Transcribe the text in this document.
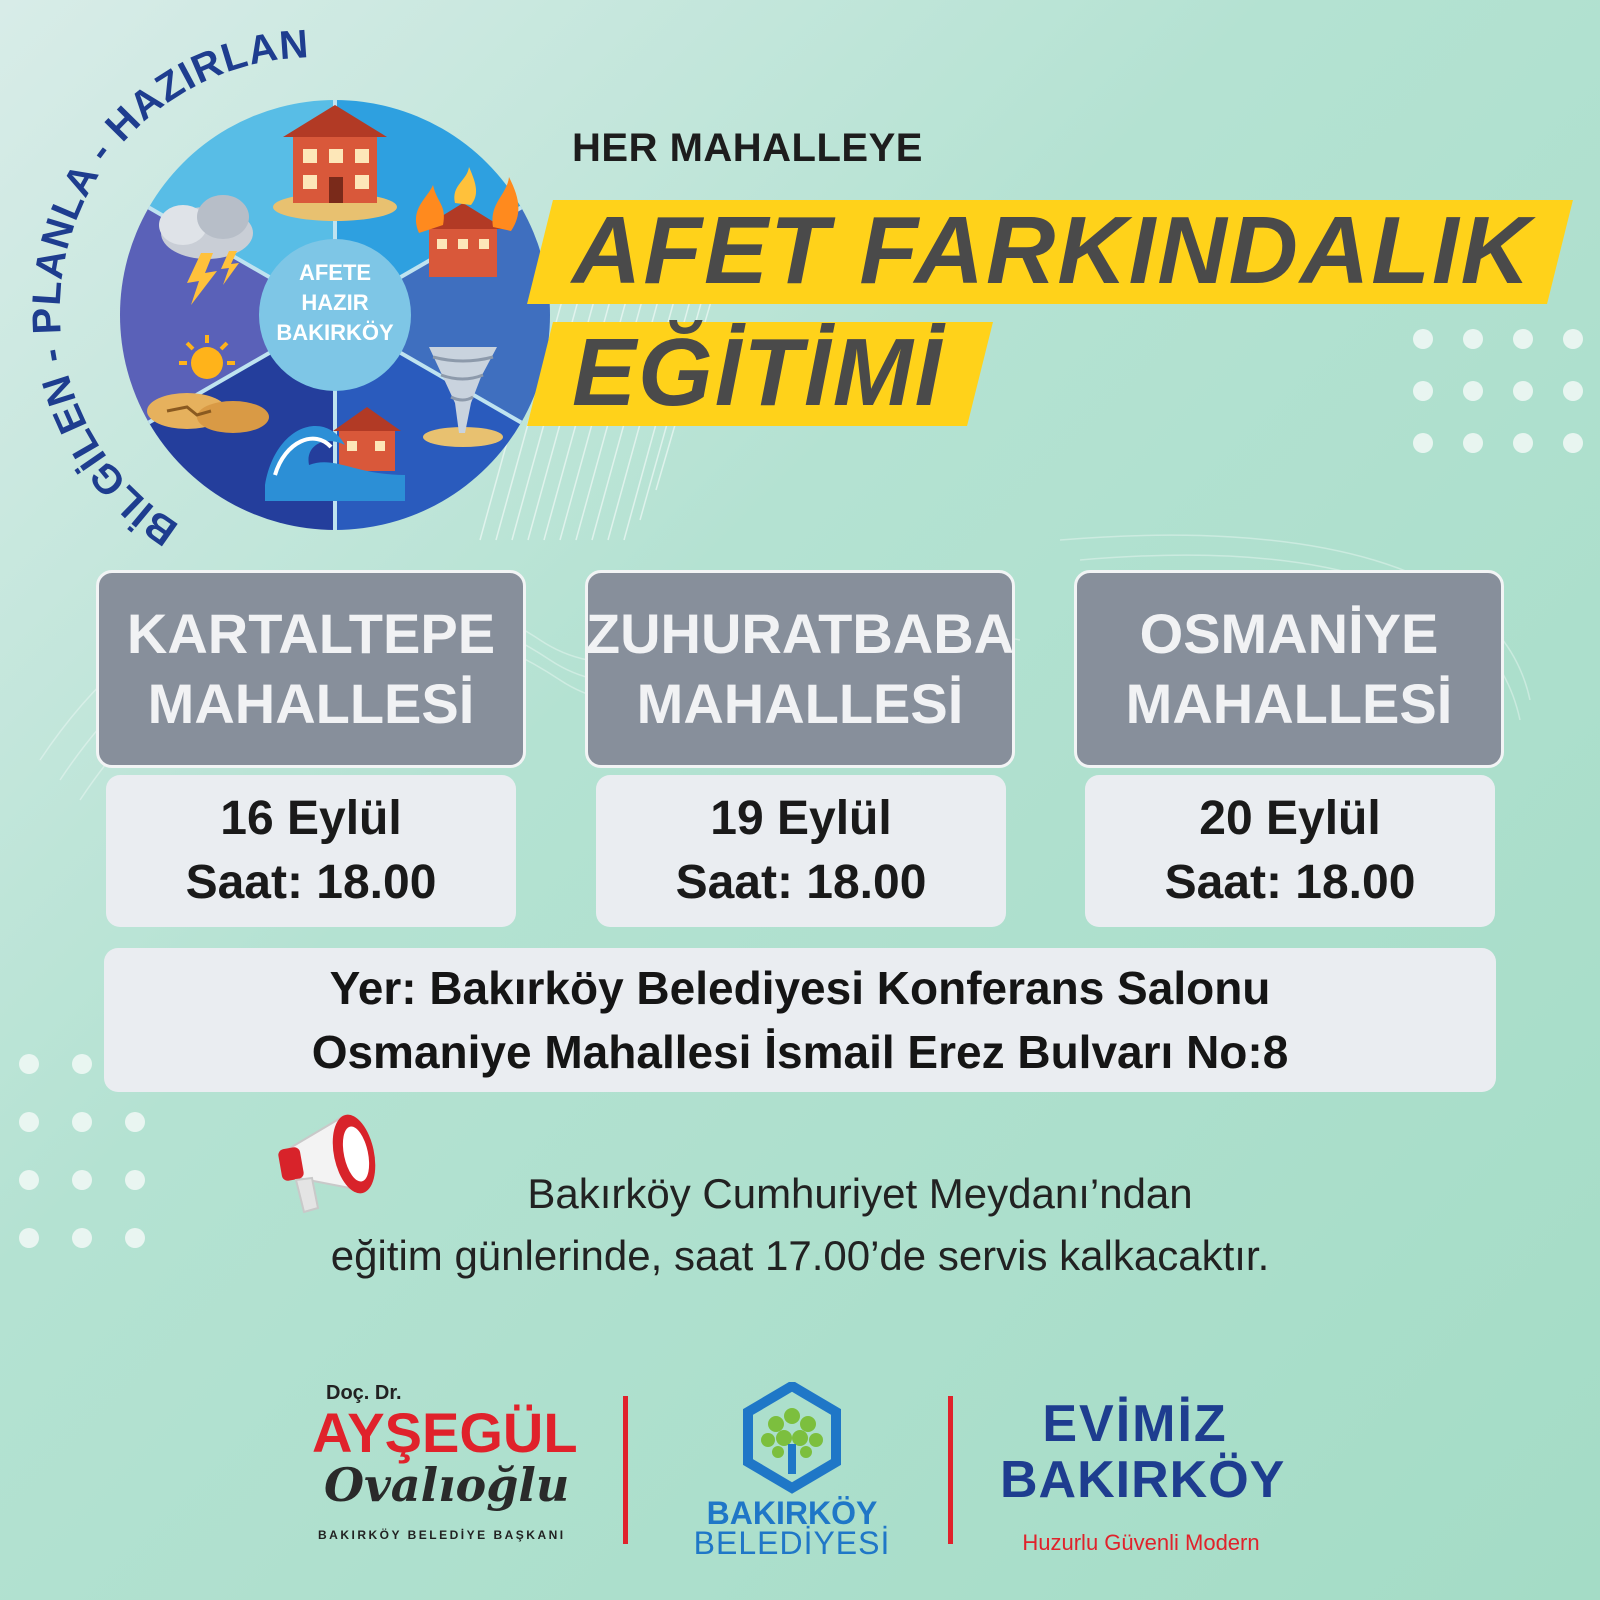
AFETE
HAZIR
BAKIRKÖY
BİLGİLEN - PLANLA - HAZIRLAN
HER MAHALLEYE
AFET FARKINDALIK
EĞİTİMİ
KARTALTEPE
MAHALLESİ
16 Eylül
Saat: 18.00
ZUHURATBABA
MAHALLESİ
19 Eylül
Saat: 18.00
OSMANİYE
MAHALLESİ
20 Eylül
Saat: 18.00
Yer: Bakırköy Belediyesi Konferans Salonu
Osmaniye Mahallesi İsmail Erez Bulvarı No:8
Bakırköy Cumhuriyet Meydanı’ndan
eğitim günlerinde, saat 17.00’de servis kalkacaktır.
Doç. Dr.
AYŞEGÜL
Ovalıoğlu
BAKIRKÖY BELEDİYE BAŞKANI
BAKIRKÖY
BELEDİYESİ
EVİMİZ
BAKIRKÖY
Huzurlu Güvenli Modern
